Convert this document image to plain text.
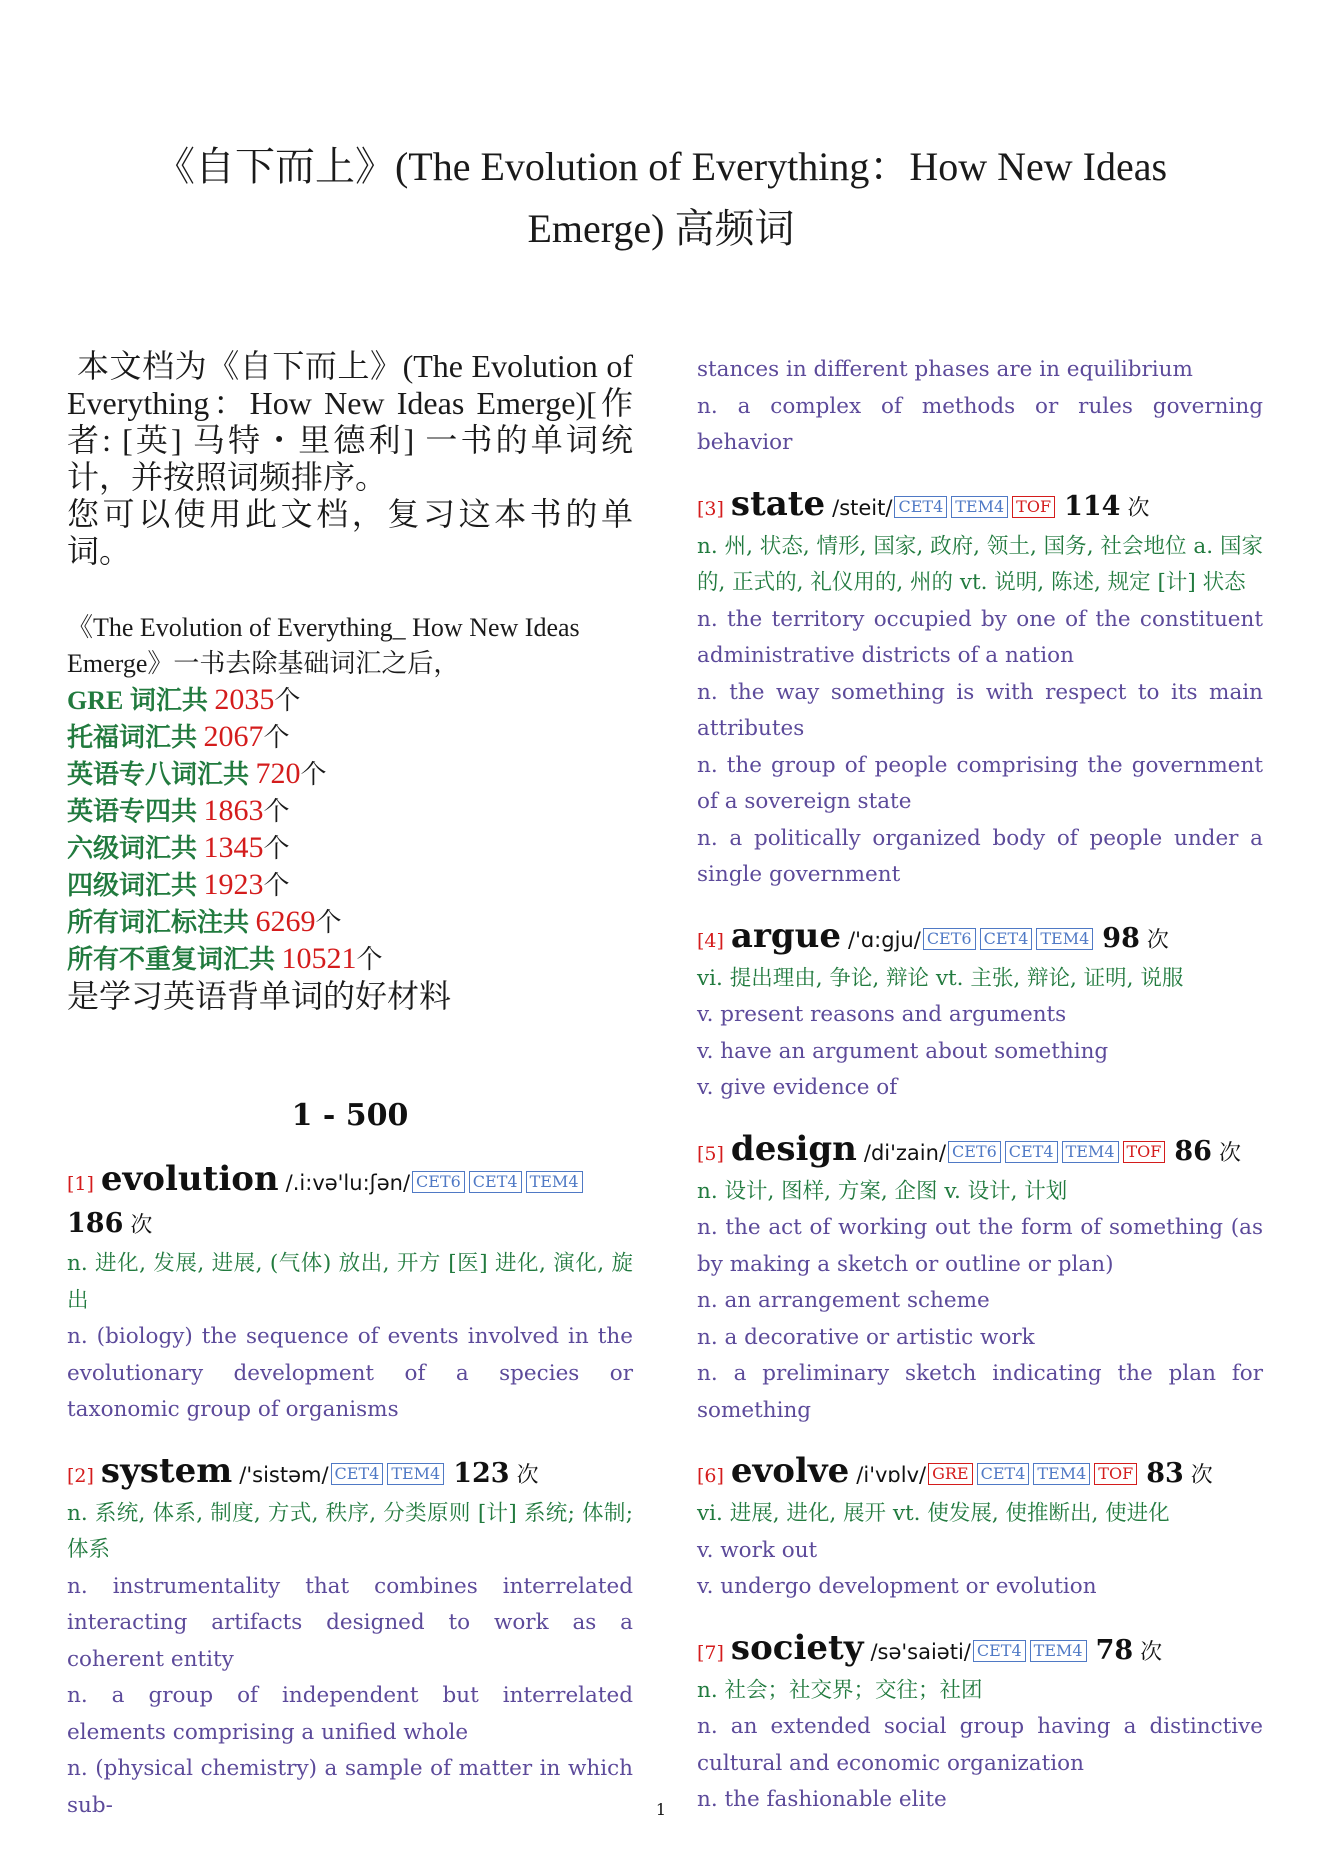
《自下而上》(The Evolution of Everything：How New Ideas Emerge) 高频词

本文档为《自下而上》(The Evolution of Everything：How New Ideas Emerge)[作者: [英] 马特・里德利] 一书的单词统计，并按照词频排序。

您可以使用此文档，复习这本书的单词。

《The Evolution of Everything_ How New Ideas Emerge》一书去除基础词汇之后，
GRE 词汇共 2035个
托福词汇共 2067个
英语专八词汇共 720个
英语专四共 1863个
六级词汇共 1345个
四级词汇共 1923个
所有词汇标注共 6269个
所有不重复词汇共 10521个
是学习英语背单词的好材料
1 - 500
[1] evolution /.i:və'lu:ʃən/ CET6 CET4 TEM4 186 次
n. 进化, 发展, 进展, (气体) 放出, 开方 [医] 进化, 演化, 旋出
n. (biology) the sequence of events involved in the evolutionary development of a species or taxonomic group of organisms
[2] system /'sistəm/ CET4 TEM4 123 次
n. 系统, 体系, 制度, 方式, 秩序, 分类原则 [计] 系统; 体制; 体系
n. instrumentality that combines interrelated interacting artifacts designed to work as a coherent entity
n. a group of independent but interrelated elements comprising a unified whole
n. (physical chemistry) a sample of matter in which sub-
stances in different phases are in equilibrium
n. a complex of methods or rules governing behavior
[3] state /steit/ CET4 TEM4 TOF 114 次
n. 州, 状态, 情形, 国家, 政府, 领土, 国务, 社会地位 a. 国家的, 正式的, 礼仪用的, 州的 vt. 说明, 陈述, 规定 [计] 状态
n. the territory occupied by one of the constituent administrative districts of a nation
n. the way something is with respect to its main attributes
n. the group of people comprising the government of a sovereign state
n. a politically organized body of people under a single government
[4] argue /'ɑ:gju/ CET6 CET4 TEM4 98 次
vi. 提出理由, 争论, 辩论 vt. 主张, 辩论, 证明, 说服
v. present reasons and arguments
v. have an argument about something
v. give evidence of
[5] design /di'zain/ CET6 CET4 TEM4 TOF 86 次
n. 设计, 图样, 方案, 企图 v. 设计, 计划
n. the act of working out the form of something (as by making a sketch or outline or plan)
n. an arrangement scheme
n. a decorative or artistic work
n. a preliminary sketch indicating the plan for something
[6] evolve /i'vɒlv/ GRE CET4 TEM4 TOF 83 次
vi. 进展, 进化, 展开 vt. 使发展, 使推断出, 使进化
v. work out
v. undergo development or evolution
[7] society /sə'saiəti/ CET4 TEM4 78 次
n. 社会；社交界；交往；社团
n. an extended social group having a distinctive cultural and economic organization
n. the fashionable elite
1
